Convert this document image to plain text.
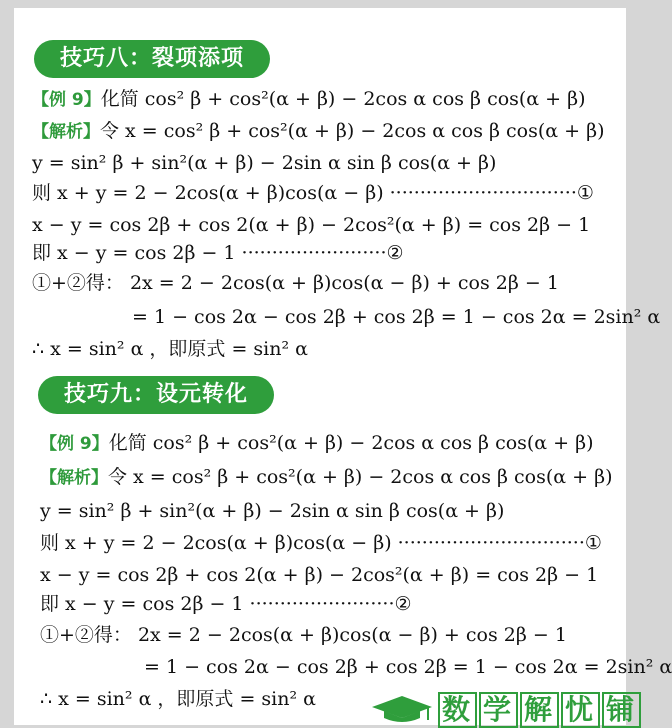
技巧八：裂项添项
【例 9】化简 cos² β + cos²(α + β) − 2cos α cos β cos(α + β)
【解析】令 x = cos² β + cos²(α + β) − 2cos α cos β cos(α + β)
y = sin² β + sin²(α + β) − 2sin α sin β cos(α + β)
则 x + y = 2 − 2cos(α + β)cos(α − β) ·······························①
x − y = cos 2β + cos 2(α + β) − 2cos²(α + β) = cos 2β − 1
即 x − y = cos 2β − 1 ························②
①+②得： 2x = 2 − 2cos(α + β)cos(α − β) + cos 2β − 1
= 1 − cos 2α − cos 2β + cos 2β = 1 − cos 2α = 2sin² α
∴ x = sin² α ，即原式 = sin² α
技巧九：设元转化
【例 9】化简 cos² β + cos²(α + β) − 2cos α cos β cos(α + β)
【解析】令 x = cos² β + cos²(α + β) − 2cos α cos β cos(α + β)
y = sin² β + sin²(α + β) − 2sin α sin β cos(α + β)
则 x + y = 2 − 2cos(α + β)cos(α − β) ·······························①
x − y = cos 2β + cos 2(α + β) − 2cos²(α + β) = cos 2β − 1
即 x − y = cos 2β − 1 ························②
①+②得： 2x = 2 − 2cos(α + β)cos(α − β) + cos 2β − 1
= 1 − cos 2α − cos 2β + cos 2β = 1 − cos 2α = 2sin² α
∴ x = sin² α ，即原式 = sin² α	数 学 解 忧 铺
